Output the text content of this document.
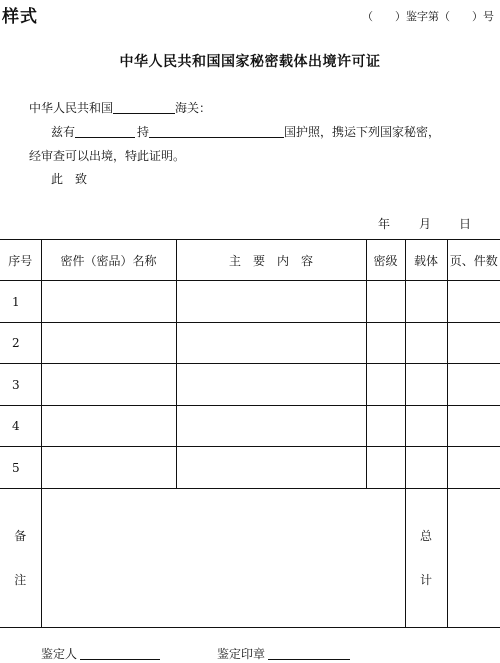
样式	（　　）鉴字第（　　）号
中华人民共和国国家秘密载体出境许可证
中华人民共和国	海关：
兹有	持	国护照，携运下列国家秘密，
经审查可以出境，特此证明。
此　致
年 月 日
序号	密件（密品）名称	主　要　内　容	密级	载体	页、件数
1					
2					
3					
4					
5					
备

注				总

计	
鉴定人	鉴定印章
